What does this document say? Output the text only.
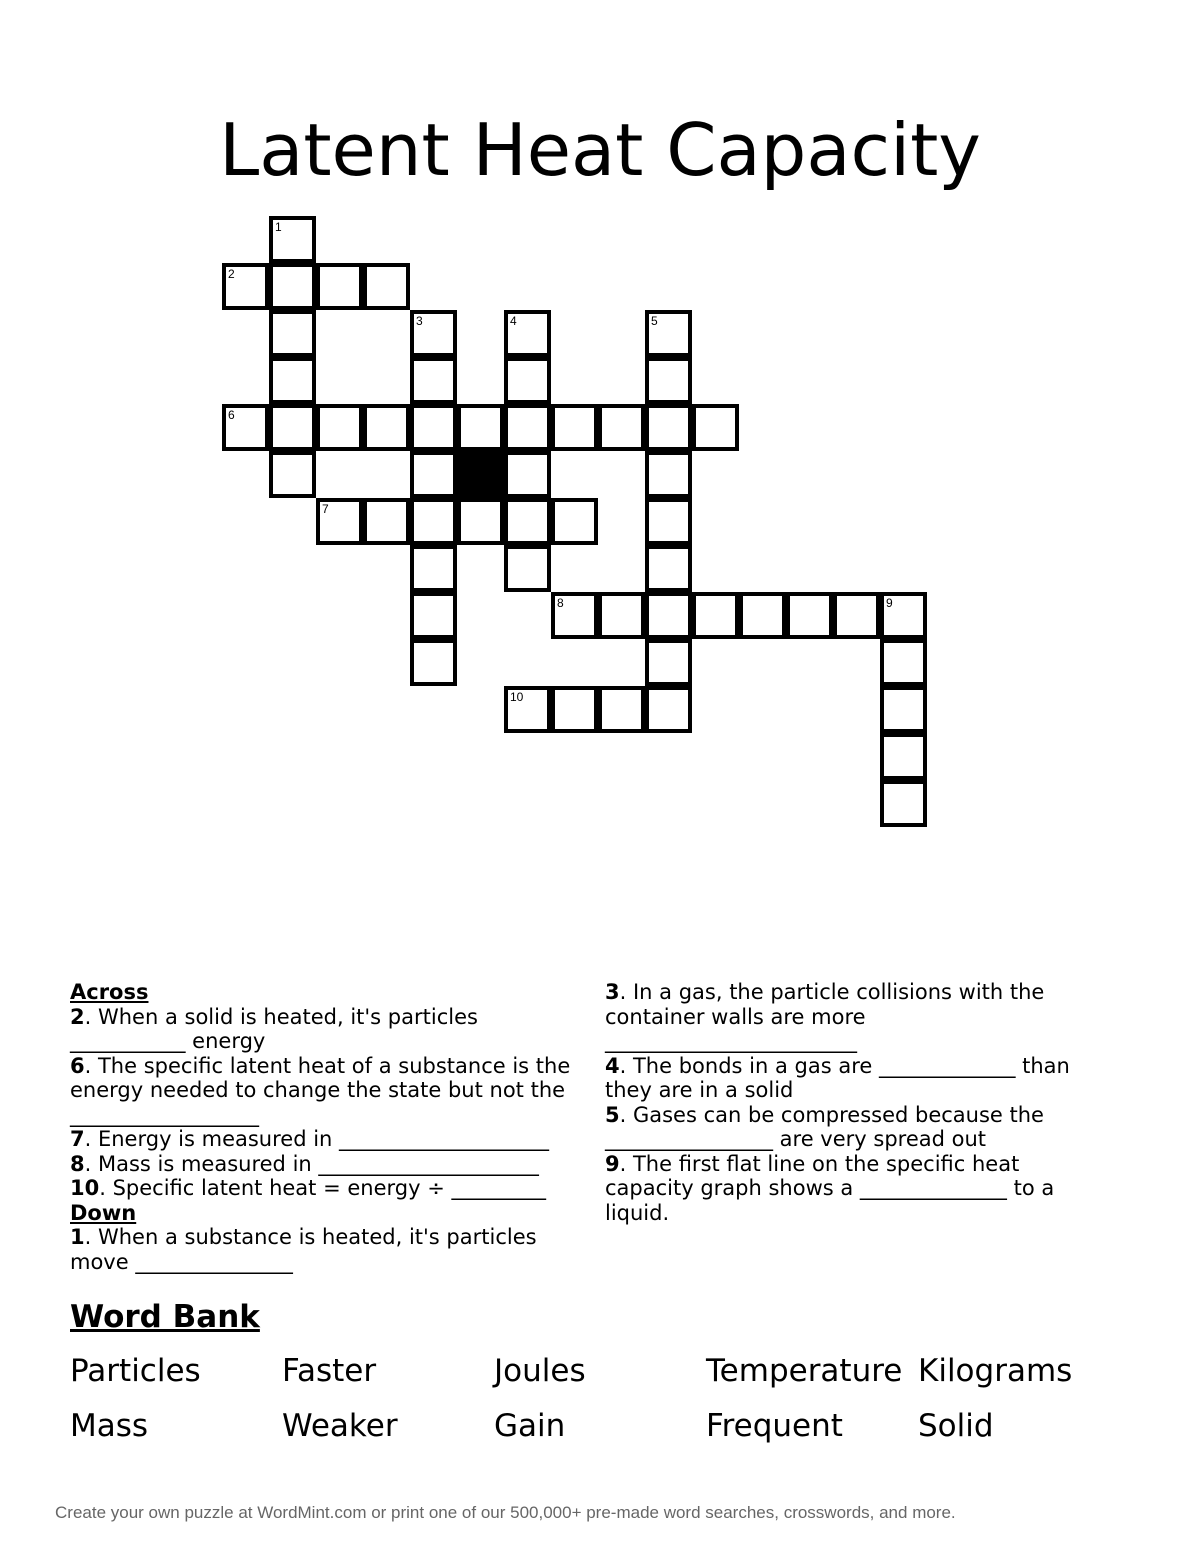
Latent Heat Capacity
1
2
3	4	5
6
7
8	9
10
Across
2. When a solid is heated, it's particles ___________ energy
6. The specific latent heat of a substance is the energy needed to change the state but not the __________________
7. Energy is measured in ____________________
8. Mass is measured in _____________________
10. Specific latent heat = energy ÷ _________
Down
1. When a substance is heated, it's particles move _______________
3. In a gas, the particle collisions with the container walls are more ________________________
4. The bonds in a gas are _____________ than they are in a solid
5. Gases can be compressed because the ________________ are very spread out
9. The first flat line on the specific heat capacity graph shows a ______________ to a liquid.
Word Bank
Particles	Faster	Joules	Temperature Kilograms
Mass	Weaker	Gain	Frequent	Solid
Create your own puzzle at WordMint.com or print one of our 500,000+ pre-made word searches, crosswords, and more.
